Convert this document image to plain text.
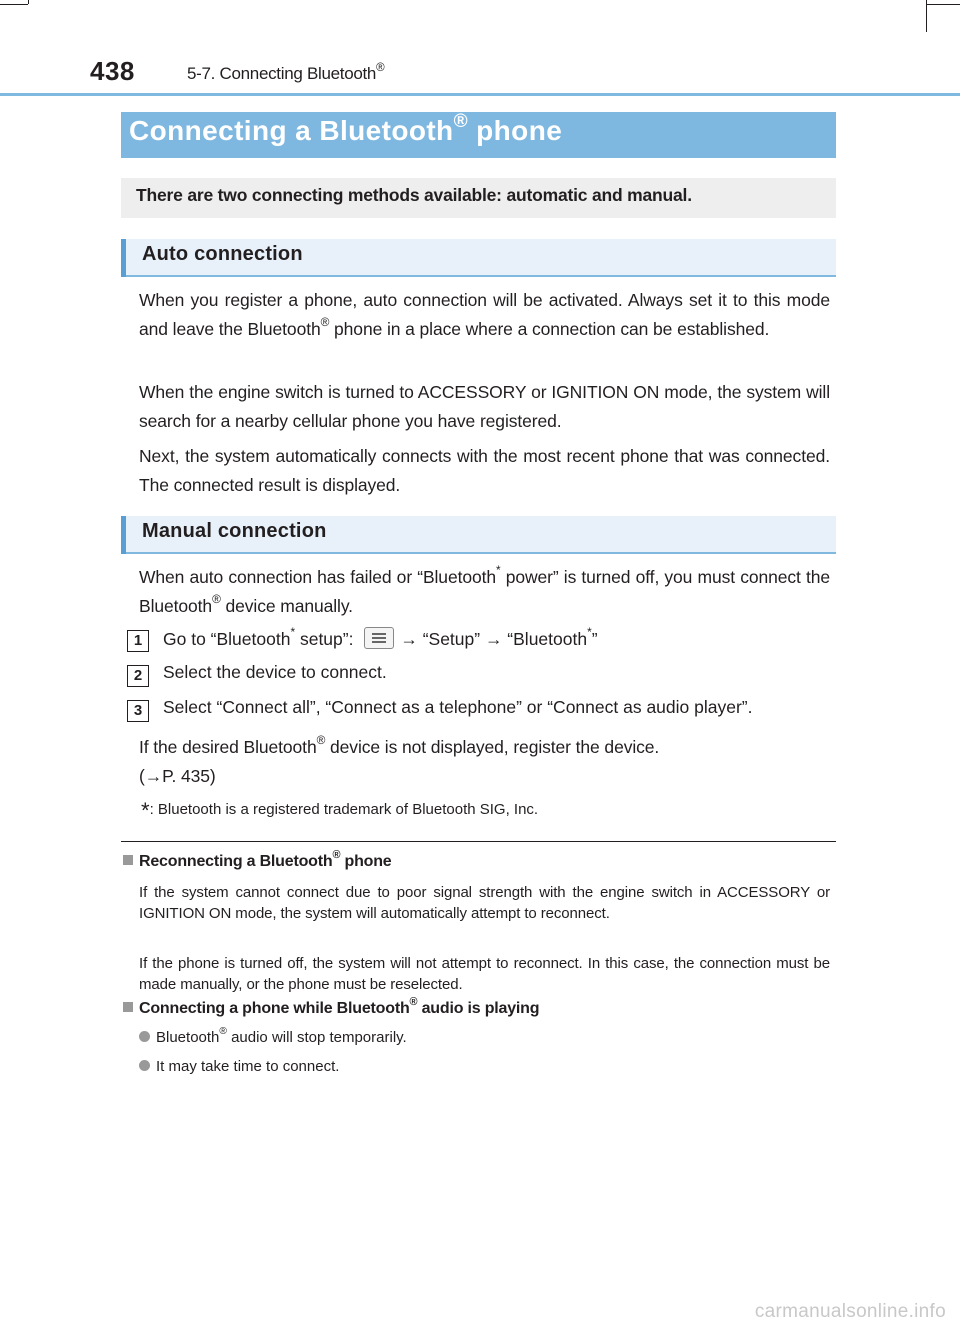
438	5-7. Connecting Bluetooth®
Connecting a Bluetooth® phone
There are two connecting methods available: automatic and manual.
Auto connection
When you register a phone, auto connection will be activated. Always set it to this mode and leave the Bluetooth® phone in a place where a connection can be established.
When the engine switch is turned to ACCESSORY or IGNITION ON mode, the system will search for a nearby cellular phone you have registered.
Next, the system automatically connects with the most recent phone that was connected. The connected result is displayed.
Manual connection
When auto connection has failed or “Bluetooth* power” is turned off, you must connect the Bluetooth® device manually.
1	Go to “Bluetooth* setup”: → “Setup” → “Bluetooth*”
2	Select the device to connect.
3	Select “Connect all”, “Connect as a telephone” or “Connect as audio player”.
If the desired Bluetooth® device is not displayed, register the device.
(→P. 435)
*: Bluetooth is a registered trademark of Bluetooth SIG, Inc.
Reconnecting a Bluetooth® phone
If the system cannot connect due to poor signal strength with the engine switch in ACCESSORY or IGNITION ON mode, the system will automatically attempt to reconnect.
If the phone is turned off, the system will not attempt to reconnect. In this case, the connection must be made manually, or the phone must be reselected.
Connecting a phone while Bluetooth® audio is playing
Bluetooth® audio will stop temporarily.
It may take time to connect.
carmanualsonline.info
